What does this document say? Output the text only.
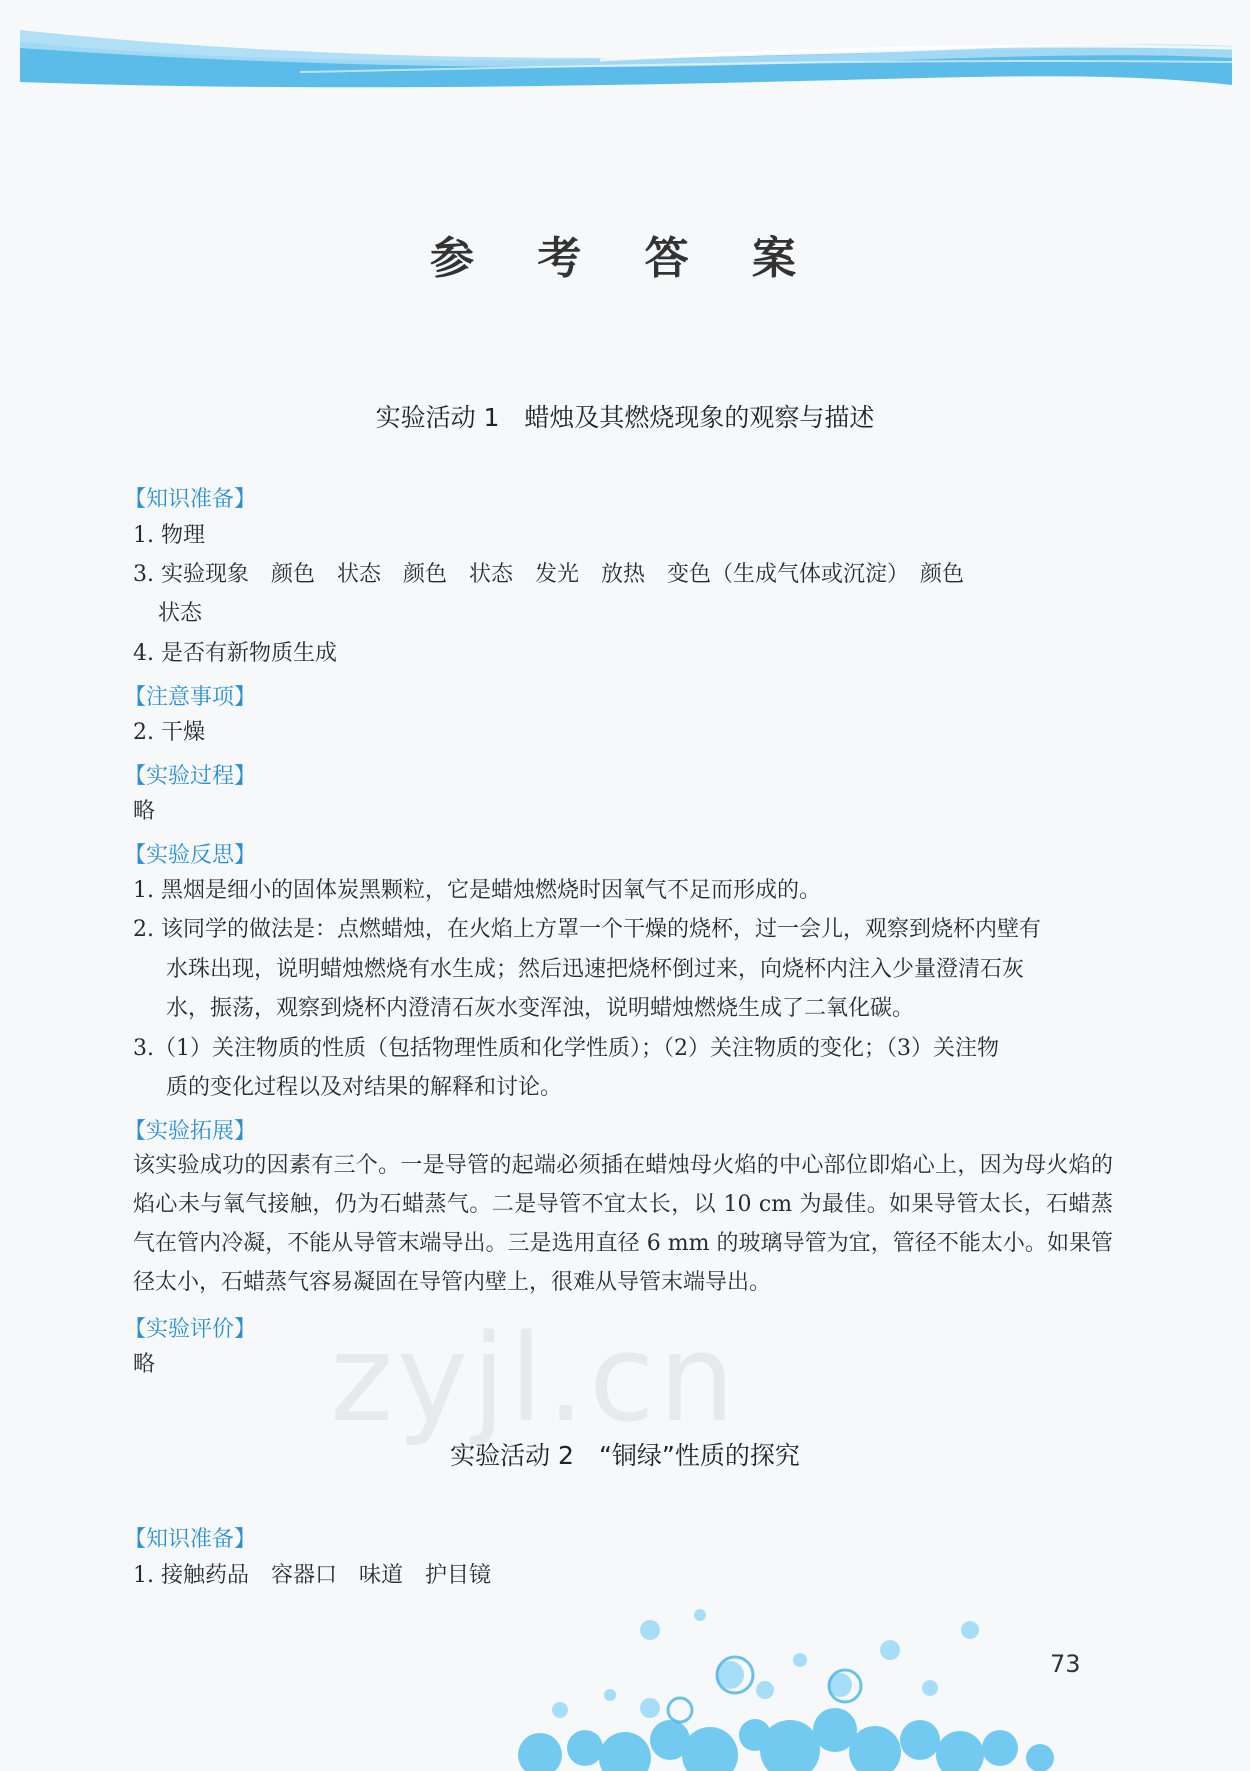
参 考 答 案
实验活动 1　蜡烛及其燃烧现象的观察与描述
【知识准备】
1. 物理
3. 实验现象　颜色　状态　颜色　状态　发光　放热　变色（生成气体或沉淀）　颜色
状态
4. 是否有新物质生成
【注意事项】
2. 干燥
【实验过程】
略
【实验反思】
1. 黑烟是细小的固体炭黑颗粒，它是蜡烛燃烧时因氧气不足而形成的。
2. 该同学的做法是：点燃蜡烛，在火焰上方罩一个干燥的烧杯，过一会儿，观察到烧杯内壁有
水珠出现，说明蜡烛燃烧有水生成；然后迅速把烧杯倒过来，向烧杯内注入少量澄清石灰
水，振荡，观察到烧杯内澄清石灰水变浑浊，说明蜡烛燃烧生成了二氧化碳。
3.（1）关注物质的性质（包括物理性质和化学性质）；（2）关注物质的变化；（3）关注物
质的变化过程以及对结果的解释和讨论。
【实验拓展】
该实验成功的因素有三个。一是导管的起端必须插在蜡烛母火焰的中心部位即焰心上，因为母火焰的焰心未与氧气接触，仍为石蜡蒸气。二是导管不宜太长，以 10 cm 为最佳。如果导管太长，石蜡蒸气在管内冷凝，不能从导管末端导出。三是选用直径 6 mm 的玻璃导管为宜，管径不能太小。如果管径太小，石蜡蒸气容易凝固在导管内壁上，很难从导管末端导出。
【实验评价】
略 zyjl.cn
实验活动 2　“铜绿”性质的探究
【知识准备】
1. 接触药品　容器口　味道　护目镜
73
